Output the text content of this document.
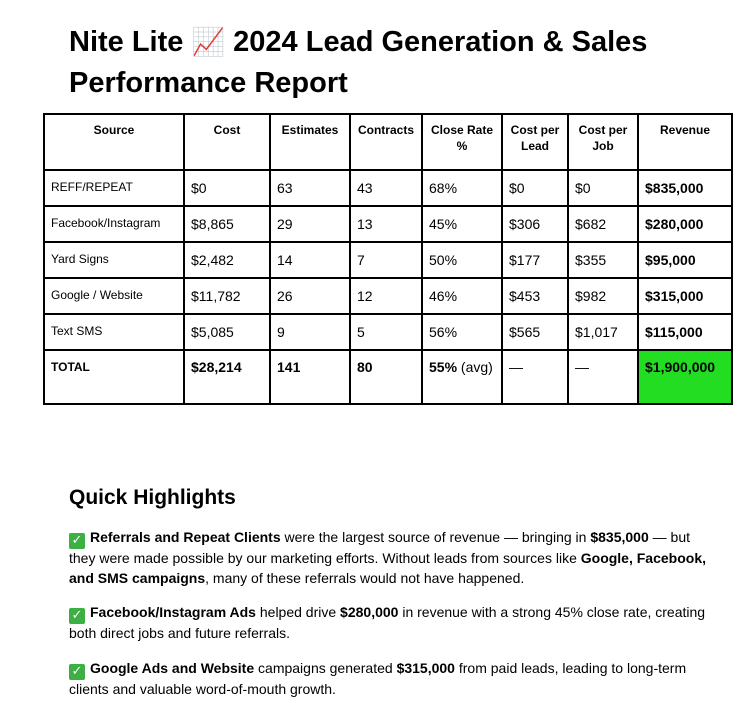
Nite Lite 📈 2024 Lead Generation & Sales
Performance Report
Source	Cost	Estimates	Contracts	Close Rate %	Cost per Lead	Cost per Job	Revenue
REFF/REPEAT	$0	63	43	68%	$0	$0	$835,000
Facebook/Instagram	$8,865	29	13	45%	$306	$682	$280,000
Yard Signs	$2,482	14	7	50%	$177	$355	$95,000
Google / Website	$11,782	26	12	46%	$453	$982	$315,000
Text SMS	$5,085	9	5	56%	$565	$1,017	$115,000
TOTAL	$28,214	141	80	55% (avg)	—	—	$1,900,000
Quick Highlights

✓ Referrals and Repeat Clients were the largest source of revenue — bringing in $835,000 — but they were made possible by our marketing efforts. Without leads from sources like Google, Facebook, and SMS campaigns, many of these referrals would not have happened.

✓ Facebook/Instagram Ads helped drive $280,000 in revenue with a strong 45% close rate, creating both direct jobs and future referrals.

✓ Google Ads and Website campaigns generated $315,000 from paid leads, leading to long-term clients and valuable word-of-mouth growth.
